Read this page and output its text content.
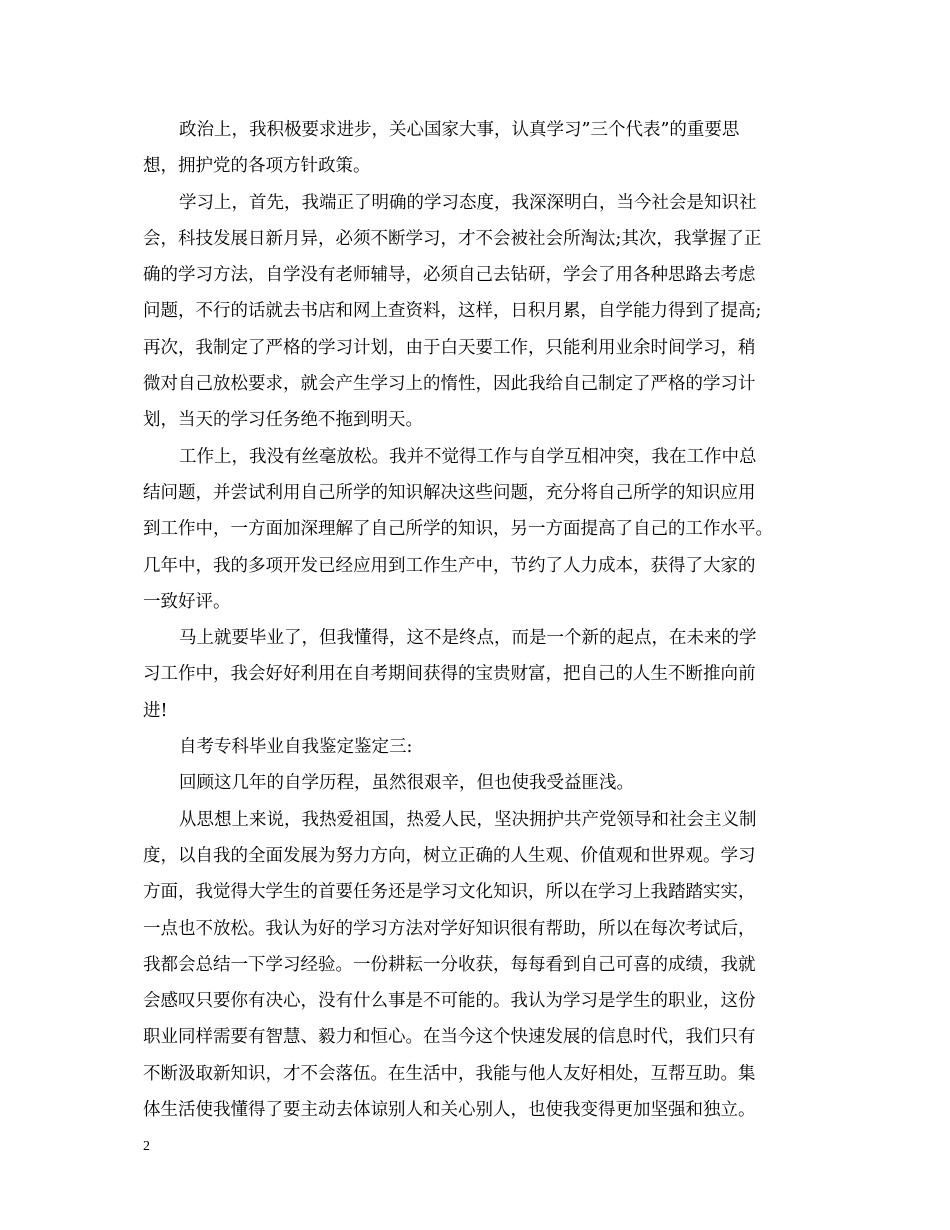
政治上，我积极要求进步，关心国家大事，认真学习”三个代表”的重要思
想，拥护党的各项方针政策。
学习上，首先，我端正了明确的学习态度，我深深明白，当今社会是知识社
会，科技发展日新月异，必须不断学习，才不会被社会所淘汰;其次，我掌握了正
确的学习方法，自学没有老师辅导，必须自己去钻研，学会了用各种思路去考虑
问题，不行的话就去书店和网上查资料，这样，日积月累，自学能力得到了提高;
再次，我制定了严格的学习计划，由于白天要工作，只能利用业余时间学习，稍
微对自己放松要求，就会产生学习上的惰性，因此我给自己制定了严格的学习计
划，当天的学习任务绝不拖到明天。
工作上，我没有丝毫放松。我并不觉得工作与自学互相冲突，我在工作中总
结问题，并尝试利用自己所学的知识解决这些问题，充分将自己所学的知识应用
到工作中，一方面加深理解了自己所学的知识，另一方面提高了自己的工作水平。
几年中，我的多项开发已经应用到工作生产中，节约了人力成本，获得了大家的
一致好评。
马上就要毕业了，但我懂得，这不是终点，而是一个新的起点，在未来的学
习工作中，我会好好利用在自考期间获得的宝贵财富，把自己的人生不断推向前
进!
自考专科毕业自我鉴定鉴定三:
回顾这几年的自学历程，虽然很艰辛，但也使我受益匪浅。
从思想上来说，我热爱祖国，热爱人民，坚决拥护共产党领导和社会主义制
度，以自我的全面发展为努力方向，树立正确的人生观、价值观和世界观。学习
方面，我觉得大学生的首要任务还是学习文化知识，所以在学习上我踏踏实实，
一点也不放松。我认为好的学习方法对学好知识很有帮助，所以在每次考试后，
我都会总结一下学习经验。一份耕耘一分收获，每每看到自己可喜的成绩，我就
会感叹只要你有决心，没有什么事是不可能的。我认为学习是学生的职业，这份
职业同样需要有智慧、毅力和恒心。在当今这个快速发展的信息时代，我们只有
不断汲取新知识，才不会落伍。在生活中，我能与他人友好相处，互帮互助。集
体生活使我懂得了要主动去体谅别人和关心别人，也使我变得更加坚强和独立。
2
